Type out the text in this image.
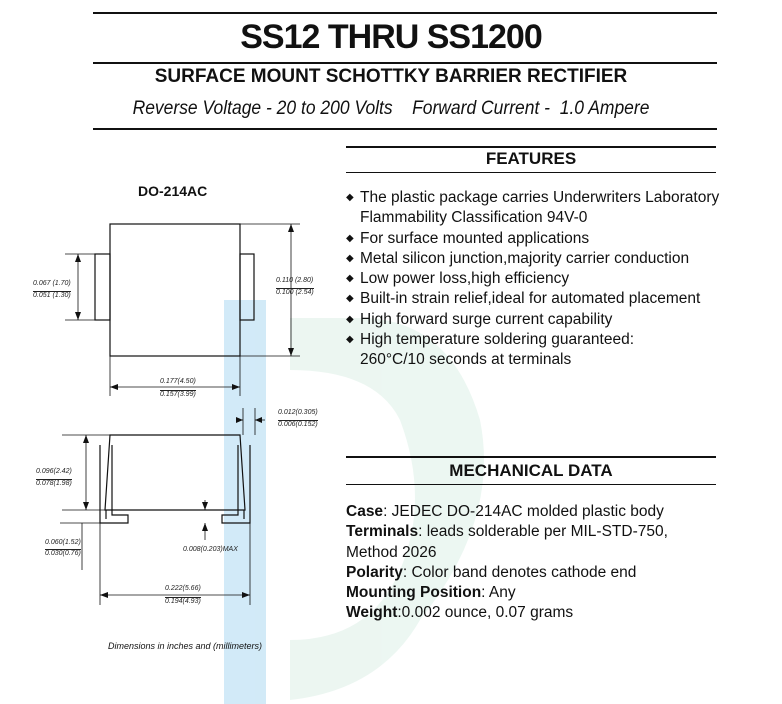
SS12 THRU SS1200
SURFACE MOUNT SCHOTTKY BARRIER RECTIFIER
Reverse Voltage - 20 to 200 Volts    Forward Current -  1.0 Ampere
FEATURES
◆ The plastic package carries Underwriters Laboratory
Flammability Classification 94V-0
◆ For surface mounted applications
◆ Metal silicon junction,majority carrier conduction
◆ Low power loss,high efficiency
◆ Built-in strain relief,ideal for automated placement
◆ High forward surge current capability
◆ High temperature soldering guaranteed:
260°C/10 seconds at terminals
MECHANICAL DATA
Case: JEDEC DO-214AC molded plastic body
Terminals: leads solderable per MIL-STD-750,
Method 2026
Polarity: Color band denotes cathode end
Mounting Position: Any
Weight:0.002 ounce, 0.07 grams
DO-214AC
0.067 (1.70)
0.051 (1.30)
0.110 (2.80)
0.100 (2.54)
0.177(4.50)
0.157(3.99)
0.012(0.305)
0.006(0.152)
0.096(2.42)
0.078(1.98)
0.008(0.203)MAX
0.060(1.52)
0.030(0.76)
0.222(5.66)
0.194(4.93)
Dimensions in inches and (millimeters)
